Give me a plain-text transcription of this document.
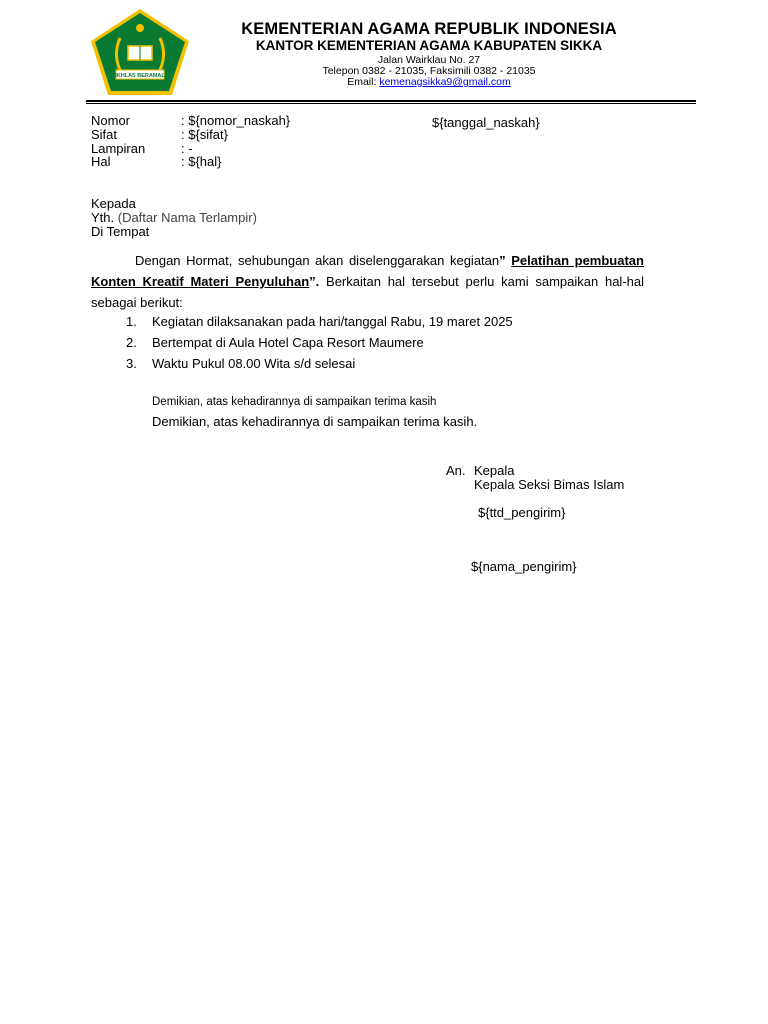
IKHLAS BERAMAL
KEMENTERIAN AGAMA REPUBLIK INDONESIA
KANTOR KEMENTERIAN AGAMA KABUPATEN SIKKA
Jalan Wairklau No. 27
Telepon 0382 - 21035, Faksimili 0382 - 21035
Email: kemenagsikka9@gmail.com
Nomor	: ${nomor_naskah}
Sifat	: ${sifat}
Lampiran	: -
Hal	: ${hal}
${tanggal_naskah}
Kepada
Yth. (Daftar Nama Terlampir)
Di Tempat
Dengan Hormat, sehubungan akan diselenggarakan kegiatan” Pelatihan pembuatan Konten Kreatif Materi Penyuluhan”. Berkaitan hal tersebut perlu kami sampaikan hal-hal sebagai berikut:
1. Kegiatan dilaksanakan pada hari/tanggal Rabu, 19 maret 2025
2. Bertempat di Aula Hotel Capa Resort Maumere
3. Waktu Pukul 08.00 Wita s/d selesai
Demikian, atas kehadirannya di sampaikan terima kasih
Demikian, atas kehadirannya di sampaikan terima kasih.
An. Kepala
Kepala Seksi Bimas Islam
${ttd_pengirim}
${nama_pengirim}
